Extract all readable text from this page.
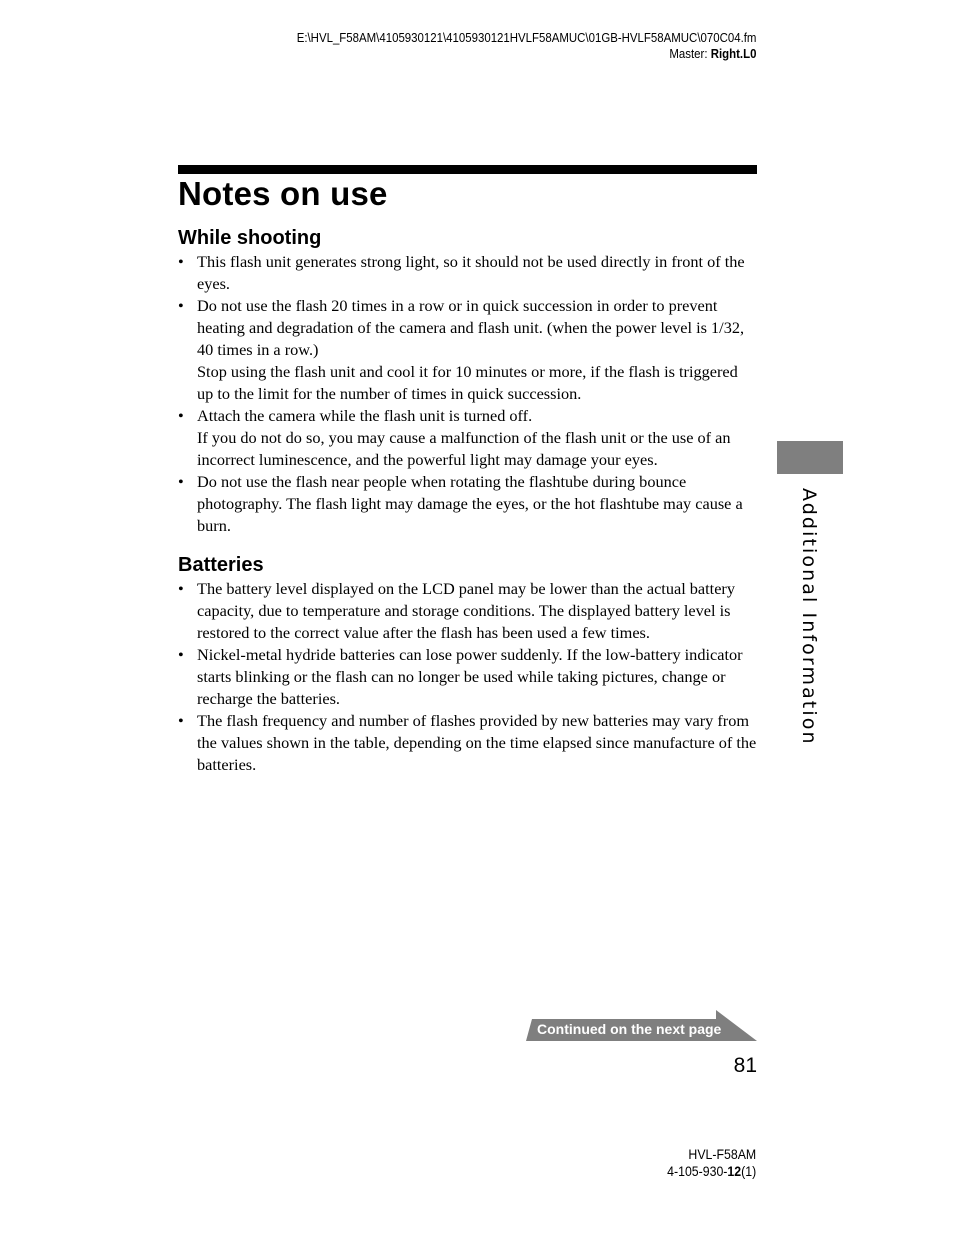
E:\HVL_F58AM\4105930121\4105930121HVLF58AMUC\01GB-HVLF58AMUC\070C04.fm
Master: Right.L0
Notes on use
While shooting
• This flash unit generates strong light, so it should not be used directly in front of the eyes.
• Do not use the flash 20 times in a row or in quick succession in order to prevent heating and degradation of the camera and flash unit. (when the power level is 1/32, 40 times in a row.)
Stop using the flash unit and cool it for 10 minutes or more, if the flash is triggered up to the limit for the number of times in quick succession.
• Attach the camera while the flash unit is turned off.
If you do not do so, you may cause a malfunction of the flash unit or the use of an incorrect luminescence, and the powerful light may damage your eyes.
• Do not use the flash near people when rotating the flashtube during bounce photography. The flash light may damage the eyes, or the hot flashtube may cause a burn.
Batteries
• The battery level displayed on the LCD panel may be lower than the actual battery capacity, due to temperature and storage conditions. The displayed battery level is restored to the correct value after the flash has been used a few times.
• Nickel-metal hydride batteries can lose power suddenly. If the low-battery indicator starts blinking or the flash can no longer be used while taking pictures, change or recharge the batteries.
• The flash frequency and number of flashes provided by new batteries may vary from the values shown in the table, depending on the time elapsed since manufacture of the batteries.
Additional Information
Continued on the next page
81
HVL-F58AM
4-105-930-12(1)
